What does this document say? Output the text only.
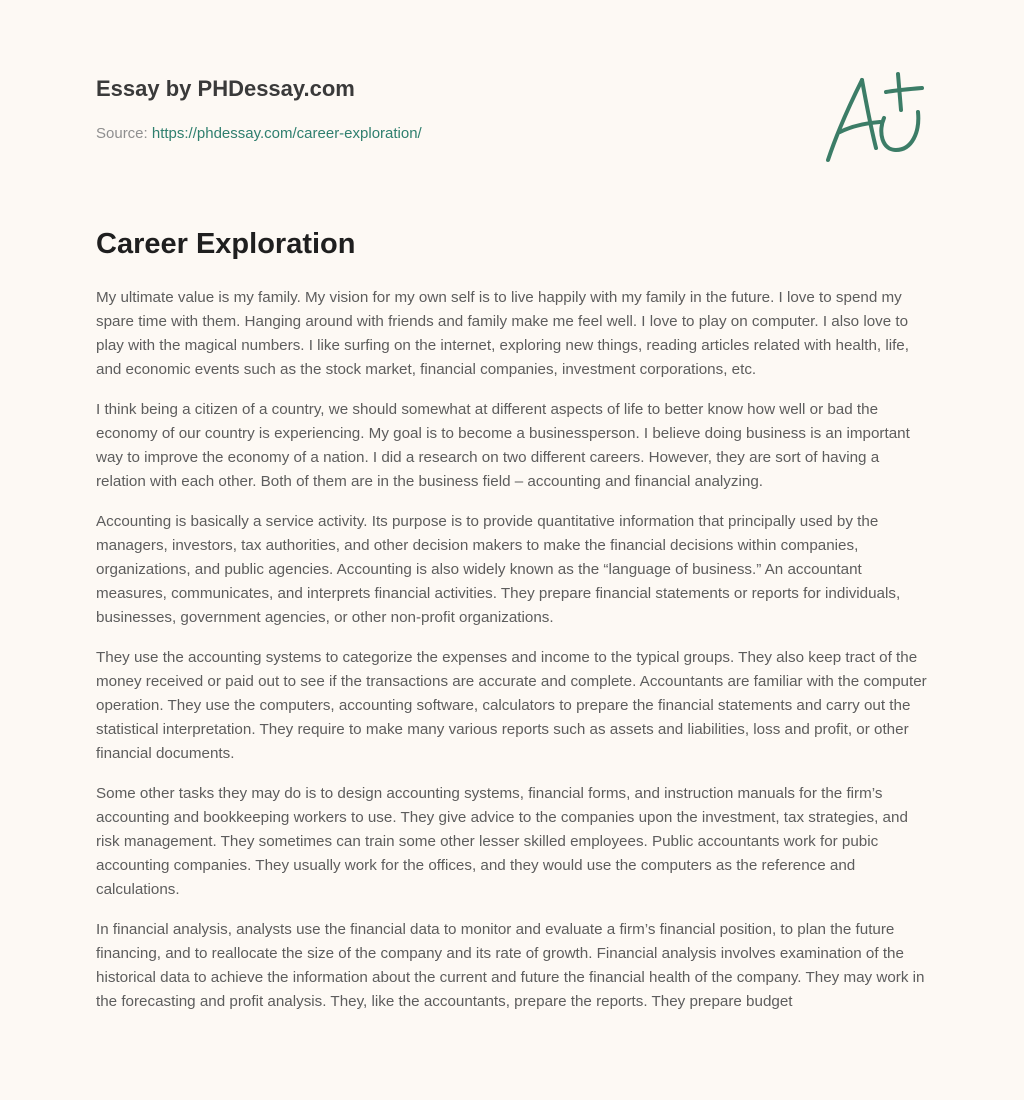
Essay by PHDessay.com
Source: https://phdessay.com/career-exploration/
Career Exploration

My ultimate value is my family. My vision for my own self is to live happily with my family in the future. I love to spend my spare time with them. Hanging around with friends and family make me feel well. I love to play on computer. I also love to play with the magical numbers. I like surfing on the internet, exploring new things, reading articles related with health, life, and economic events such as the stock market, financial companies, investment corporations, etc.

I think being a citizen of a country, we should somewhat at different aspects of life to better know how well or bad the economy of our country is experiencing. My goal is to become a businessperson. I believe doing business is an important way to improve the economy of a nation. I did a research on two different careers. However, they are sort of having a relation with each other. Both of them are in the business field – accounting and financial analyzing.

Accounting is basically a service activity. Its purpose is to provide quantitative information that principally used by the managers, investors, tax authorities, and other decision makers to make the financial decisions within companies, organizations, and public agencies. Accounting is also widely known as the “language of business.” An accountant measures, communicates, and interprets financial activities. They prepare financial statements or reports for individuals, businesses, government agencies, or other non-profit organizations.

They use the accounting systems to categorize the expenses and income to the typical groups. They also keep tract of the money received or paid out to see if the transactions are accurate and complete. Accountants are familiar with the computer operation. They use the computers, accounting software, calculators to prepare the financial statements and carry out the statistical interpretation. They require to make many various reports such as assets and liabilities, loss and profit, or other financial documents.

Some other tasks they may do is to design accounting systems, financial forms, and instruction manuals for the firm’s accounting and bookkeeping workers to use. They give advice to the companies upon the investment, tax strategies, and risk management. They sometimes can train some other lesser skilled employees. Public accountants work for pubic accounting companies. They usually work for the offices, and they would use the computers as the reference and calculations.

In financial analysis, analysts use the financial data to monitor and evaluate a firm’s financial position, to plan the future financing, and to reallocate the size of the company and its rate of growth. Financial analysis involves examination of the historical data to achieve the information about the current and future the financial health of the company. They may work in the forecasting and profit analysis. They, like the accountants, prepare the reports. They prepare budget
